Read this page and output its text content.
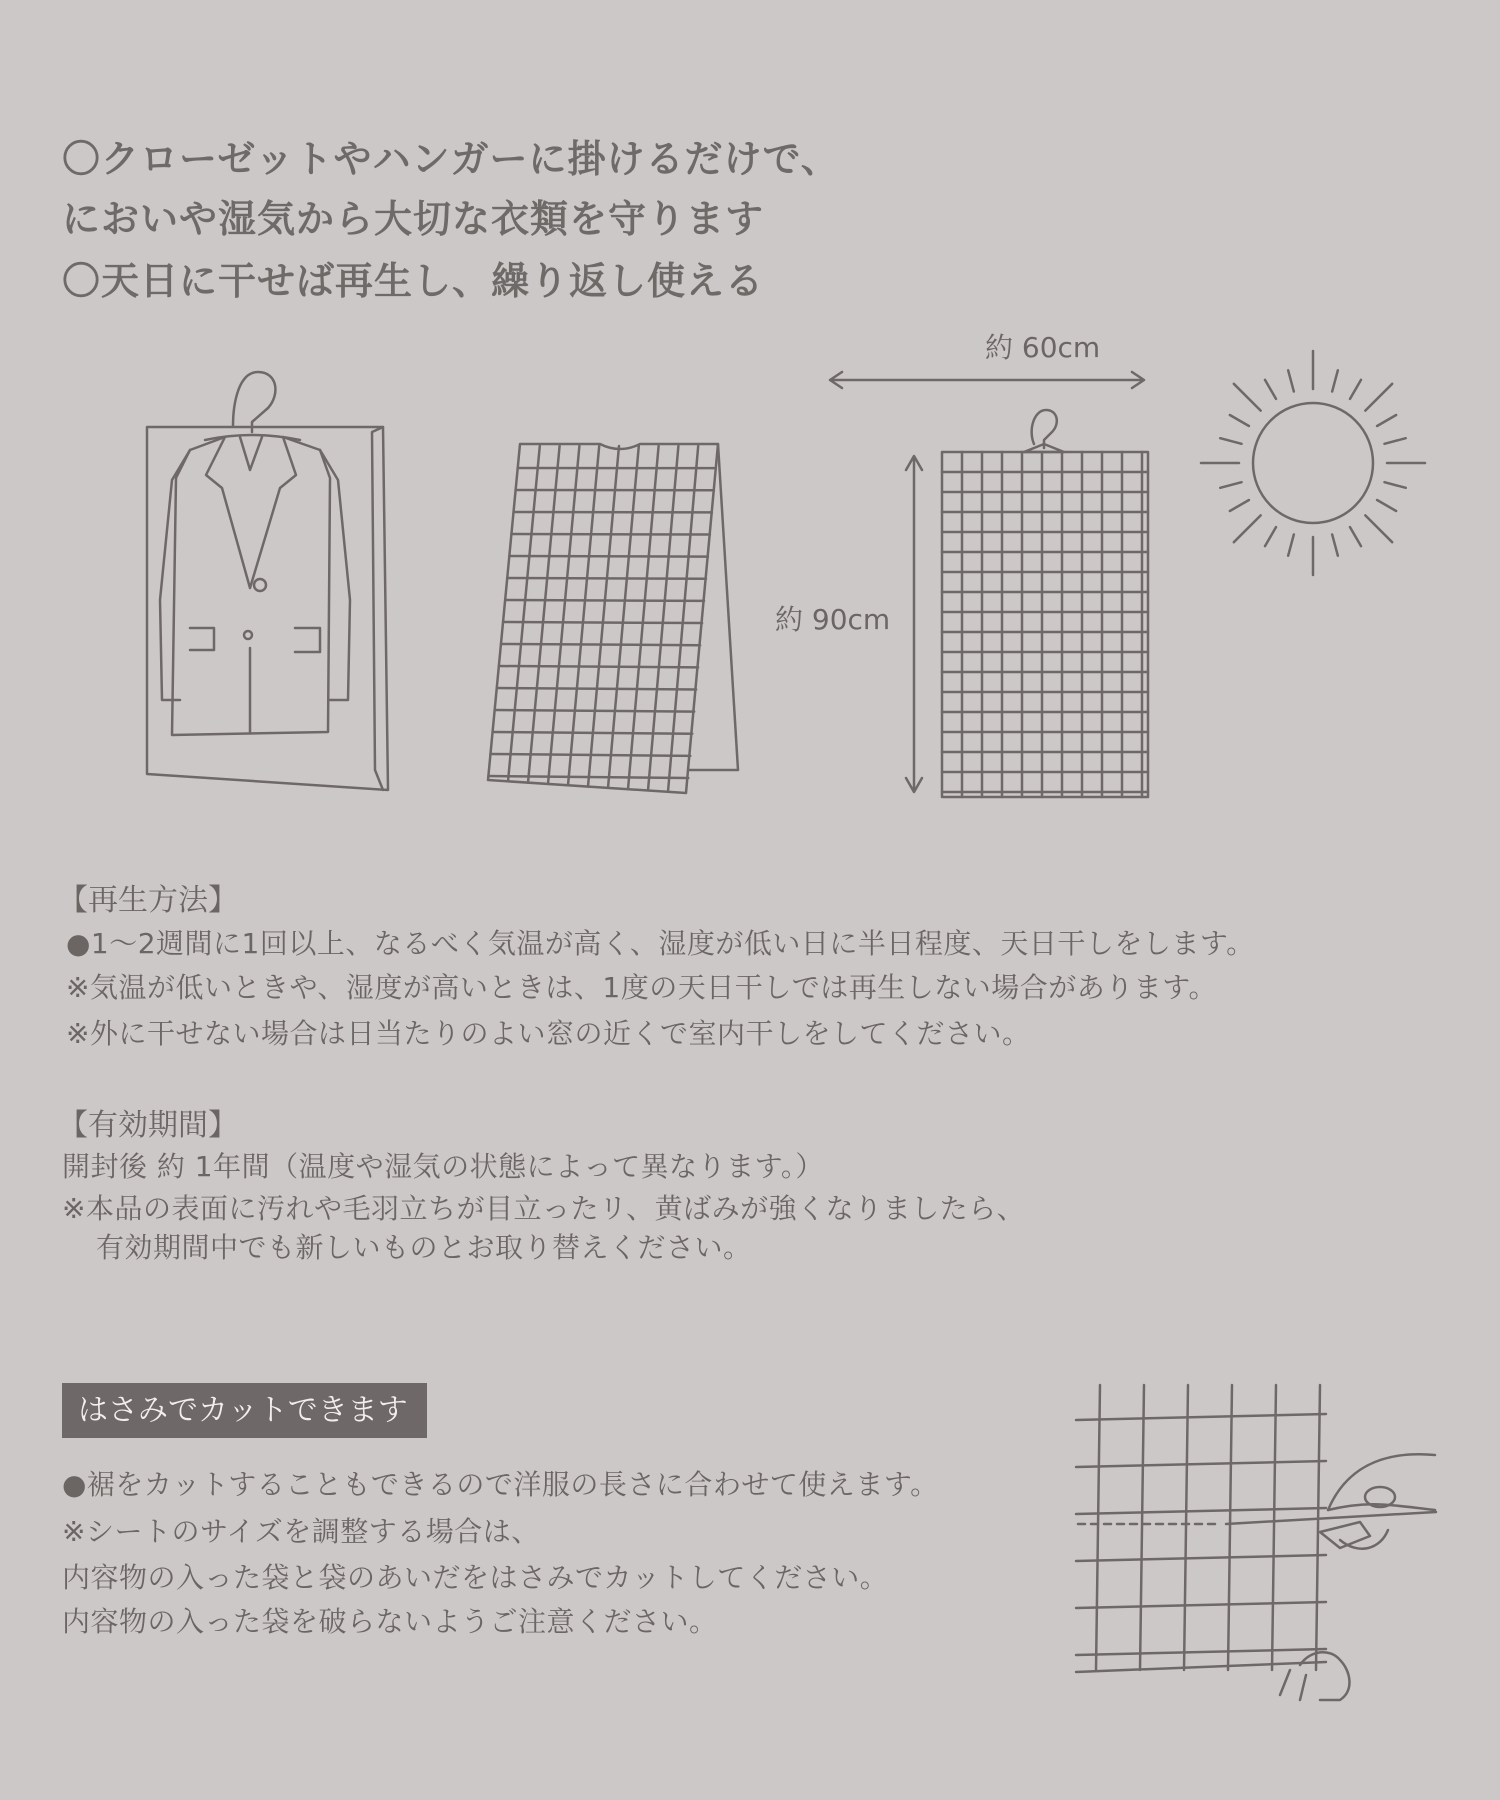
〇クローゼットやハンガーに掛けるだけで、
においや湿気から大切な衣類を守ります
〇天日に干せば再生し、繰り返し使える
約 60cm
約 90cm
【再生方法】
●1～2週間に1回以上、なるべく気温が高く、湿度が低い日に半日程度、天日干しをします。
※気温が低いときや、湿度が高いときは、1度の天日干しでは再生しない場合があります。
※外に干せない場合は日当たりのよい窓の近くで室内干しをしてください。
【有効期間】
開封後 約 1年間（温度や湿気の状態によって異なります。）
※本品の表面に汚れや毛羽立ちが目立ったリ、黄ばみが強くなりましたら、
有効期間中でも新しいものとお取り替えください。
はさみでカットできます
●裾をカットすることもできるので洋服の長さに合わせて使えます。
※シートのサイズを調整する場合は、
内容物の入った袋と袋のあいだをはさみでカットしてください。
内容物の入った袋を破らないようご注意ください。
